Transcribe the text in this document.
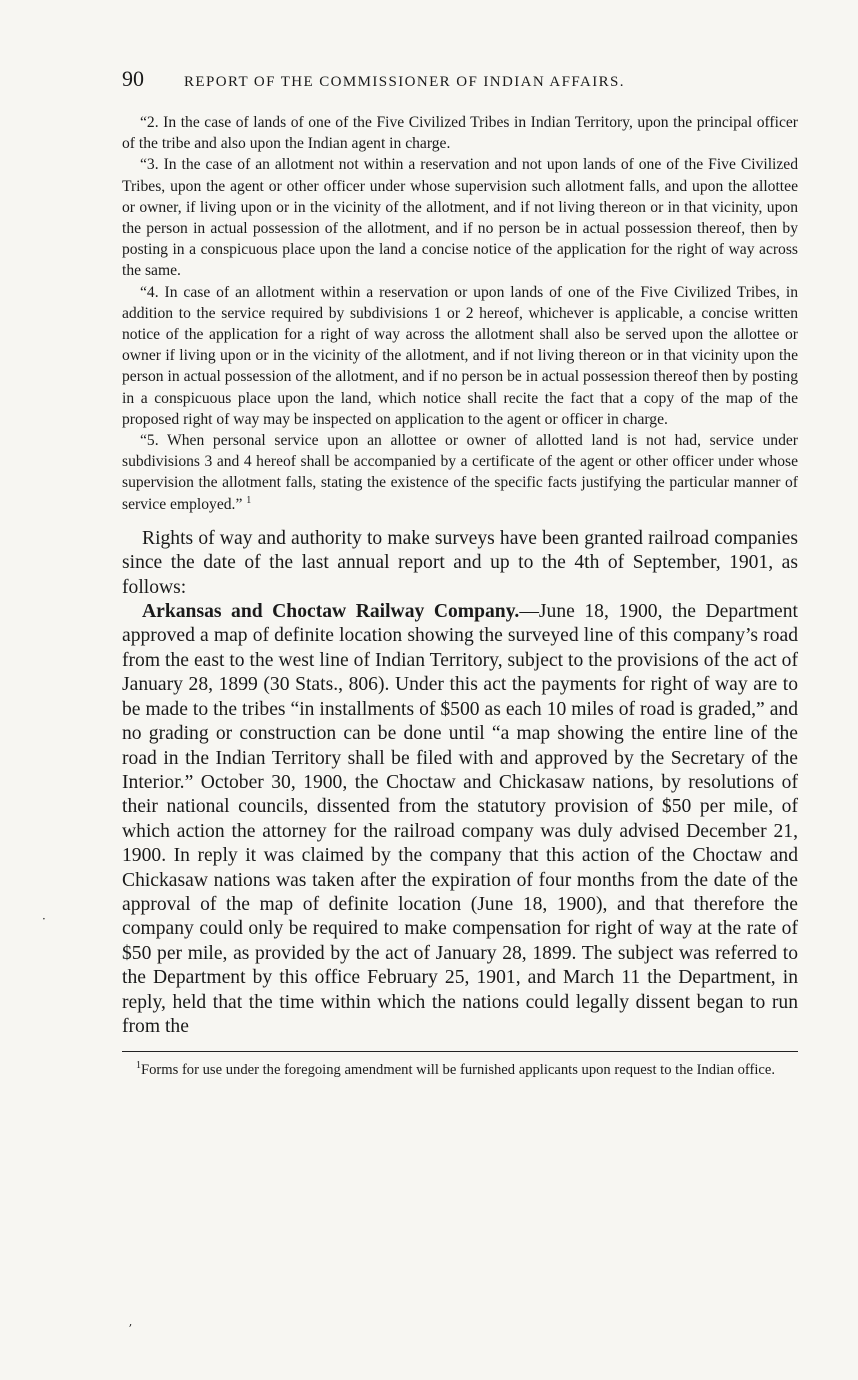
90	REPORT OF THE COMMISSIONER OF INDIAN AFFAIRS.

“2. In the case of lands of one of the Five Civilized Tribes in Indian Territory, upon the principal officer of the tribe and also upon the Indian agent in charge.

“3. In the case of an allotment not within a reservation and not upon lands of one of the Five Civilized Tribes, upon the agent or other officer under whose supervision such allotment falls, and upon the allottee or owner, if living upon or in the vicinity of the allotment, and if not living thereon or in that vicinity, upon the person in actual possession of the allotment, and if no person be in actual possession thereof, then by posting in a conspicuous place upon the land a concise notice of the application for the right of way across the same.

“4. In case of an allotment within a reservation or upon lands of one of the Five Civilized Tribes, in addition to the service required by subdivisions 1 or 2 hereof, whichever is applicable, a concise written notice of the application for a right of way across the allotment shall also be served upon the allottee or owner if living upon or in the vicinity of the allotment, and if not living thereon or in that vicinity upon the person in actual possession of the allotment, and if no person be in actual possession thereof then by posting in a conspicuous place upon the land, which notice shall recite the fact that a copy of the map of the proposed right of way may be inspected on application to the agent or officer in charge.

“5. When personal service upon an allottee or owner of allotted land is not had, service under subdivisions 3 and 4 hereof shall be accompanied by a certificate of the agent or other officer under whose supervision the allotment falls, stating the existence of the specific facts justifying the particular manner of service employed.” $^1$

Rights of way and authority to make surveys have been granted railroad companies since the date of the last annual report and up to the 4th of September, 1901, as follows:

Arkansas and Choctaw Railway Company.—June 18, 1900, the Department approved a map of definite location showing the surveyed line of this company’s road from the east to the west line of Indian Territory, subject to the provisions of the act of January 28, 1899 (30 Stats., 806). Under this act the payments for right of way are to be made to the tribes “in installments of $500 as each 10 miles of road is graded,” and no grading or construction can be done until “a map showing the entire line of the road in the Indian Territory shall be filed with and approved by the Secretary of the Interior.” October 30, 1900, the Choctaw and Chickasaw nations, by resolutions of their national councils, dissented from the statutory provision of $50 per mile, of which action the attorney for the railroad company was duly advised December 21, 1900. In reply it was claimed by the company that this action of the Choctaw and Chickasaw nations was taken after the expiration of four months from the date of the approval of the map of definite location (June 18, 1900), and that therefore the company could only be required to make compensation for right of way at the rate of $50 per mile, as provided by the act of January 28, 1899. The subject was referred to the Department by this office February 25, 1901, and March 11 the Department, in reply, held that the time within which the nations could legally dissent began to run from the

$^1$Forms for use under the foregoing amendment will be furnished applicants upon request to the Indian office.

·
ʼ
